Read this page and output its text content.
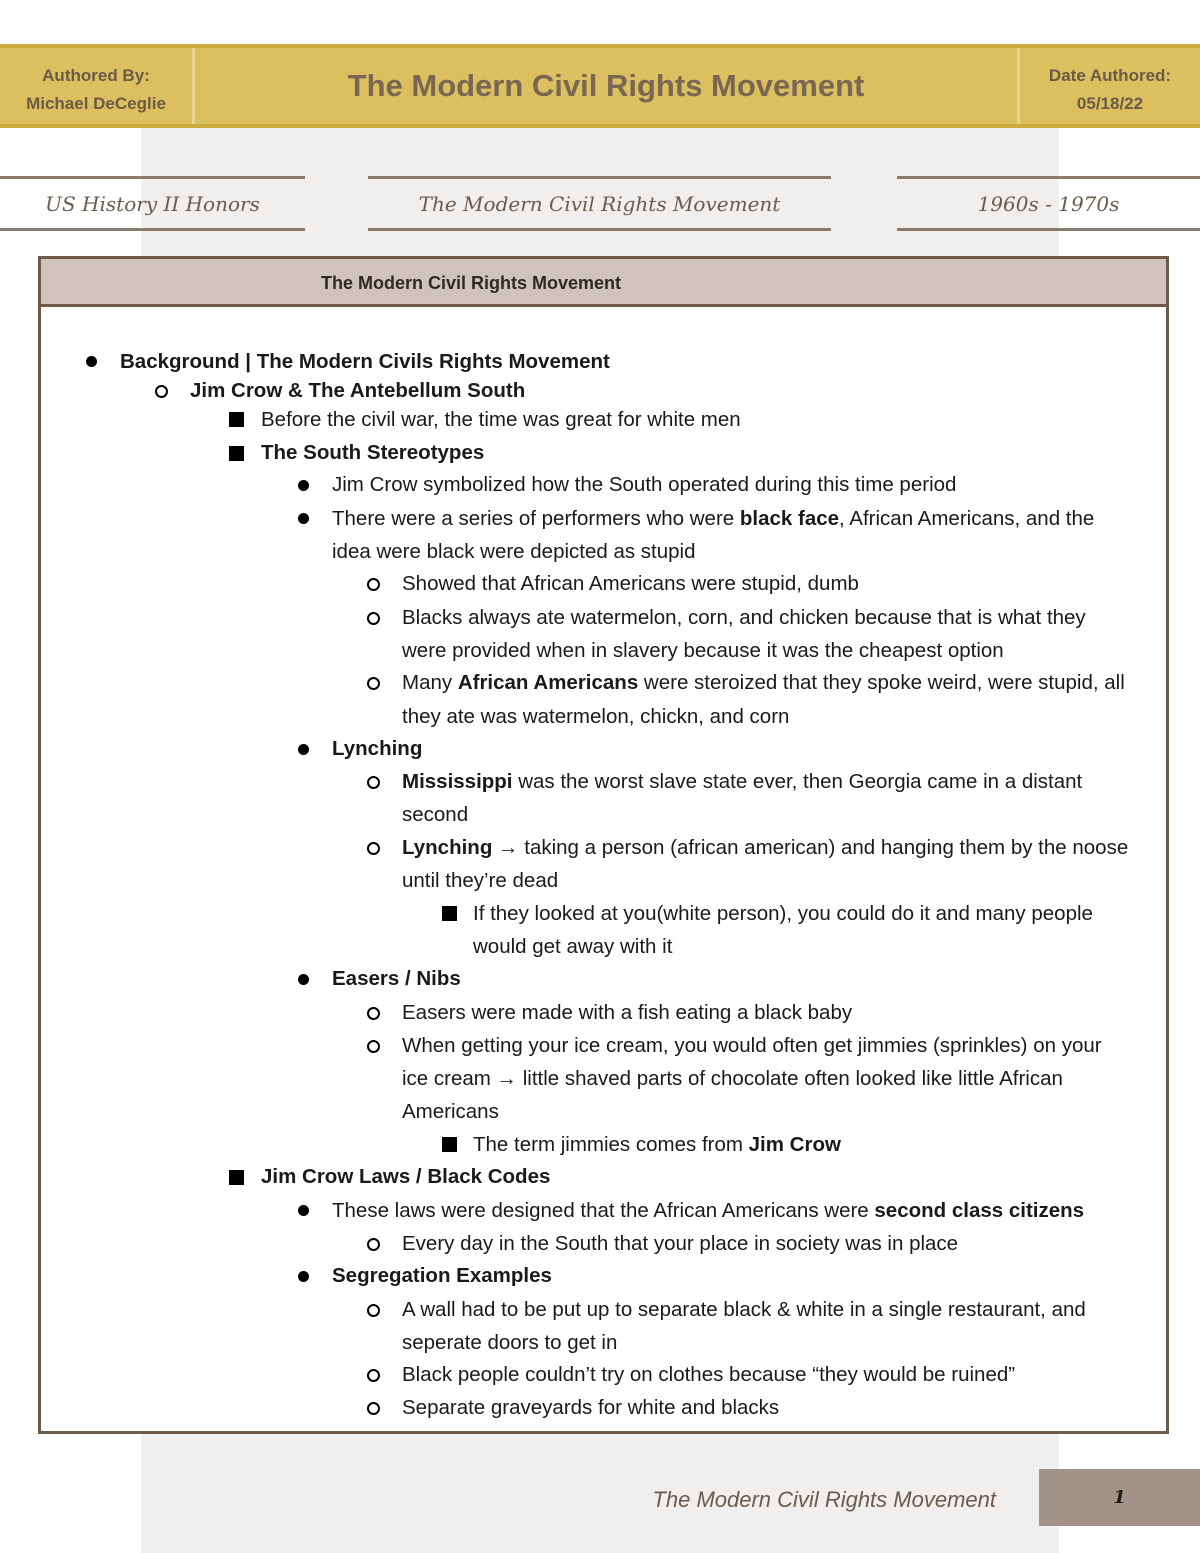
Authored By:
Michael DeCeglie
The Modern Civil Rights Movement	Date Authored:
05/18/22
US History II Honors	The Modern Civil Rights Movement	1960s - 1970s
The Modern Civil Rights Movement
Background | The Modern Civils Rights Movement
Jim Crow & The Antebellum South
Before the civil war, the time was great for white men
The South Stereotypes
Jim Crow symbolized how the South operated during this time period
There were a series of performers who were black face, African Americans, and the
idea were black were depicted as stupid
Showed that African Americans were stupid, dumb
Blacks always ate watermelon, corn, and chicken because that is what they
were provided when in slavery because it was the cheapest option
Many African Americans were steroized that they spoke weird, were stupid, all
they ate was watermelon, chickn, and corn
Lynching
Mississippi was the worst slave state ever, then Georgia came in a distant
second
Lynching → taking a person (african american) and hanging them by the noose
until they’re dead
If they looked at you(white person), you could do it and many people
would get away with it
Easers / Nibs
Easers were made with a fish eating a black baby
When getting your ice cream, you would often get jimmies (sprinkles) on your
ice cream → little shaved parts of chocolate often looked like little African
Americans
The term jimmies comes from Jim Crow
Jim Crow Laws / Black Codes
These laws were designed that the African Americans were second class citizens
Every day in the South that your place in society was in place
Segregation Examples
A wall had to be put up to separate black & white in a single restaurant, and
seperate doors to get in
Black people couldn’t try on clothes because “they would be ruined”
Separate graveyards for white and blacks
The Modern Civil Rights Movement	1
